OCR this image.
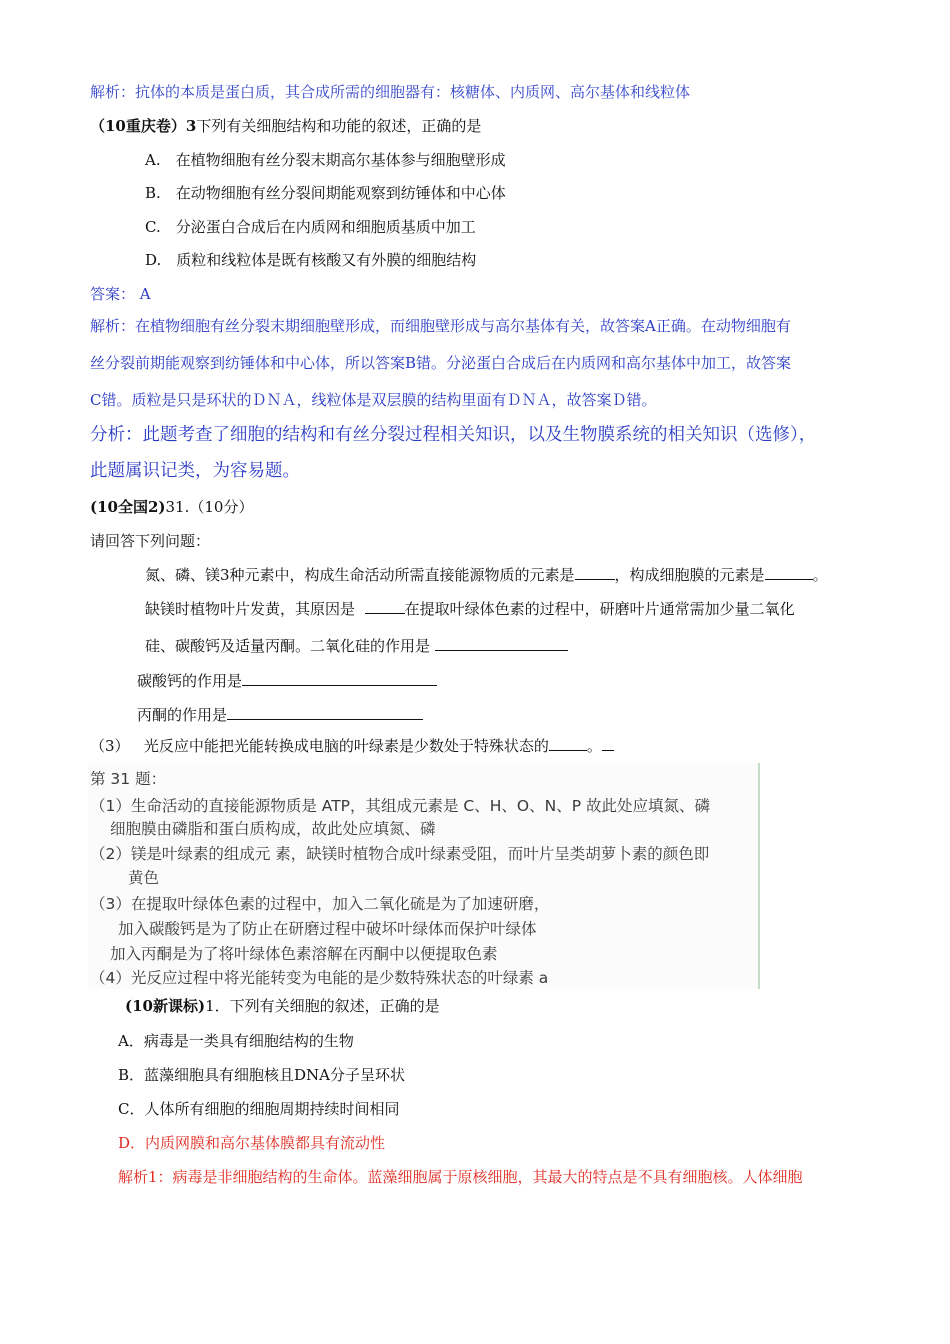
解析：抗体的本质是蛋白质，其合成所需的细胞器有：核糖体、内质网、高尔基体和线粒体
（10重庆卷）3下列有关细胞结构和功能的叙述，正确的是
A.　在植物细胞有丝分裂末期高尔基体参与细胞壁形成
B.　在动物细胞有丝分裂间期能观察到纺锤体和中心体
C.　分泌蛋白合成后在内质网和细胞质基质中加工
D.　质粒和线粒体是既有核酸又有外膜的细胞结构
答案： A
解析：在植物细胞有丝分裂末期细胞壁形成，而细胞壁形成与高尔基体有关，故答案A正确。在动物细胞有
丝分裂前期能观察到纺锤体和中心体，所以答案B错。分泌蛋白合成后在内质网和高尔基体中加工，故答案
C错。质粒是只是环状的ＤＮＡ，线粒体是双层膜的结构里面有ＤＮＡ，故答案Ｄ错。
分析：此题考查了细胞的结构和有丝分裂过程相关知识，以及生物膜系统的相关知识（选修），
此题属识记类，为容易题。
(10全国2)31.（10分）
请回答下列问题：
氮、磷、镁3种元素中，构成生命活动所需直接能源物质的元素是	，构成细胞膜的元素是	。
缺镁时植物叶片发黄，其原因是	在提取叶绿体色素的过程中，研磨叶片通常需加少量二氧化
硅、碳酸钙及适量丙酮。二氧化硅的作用是
碳酸钙的作用是
丙酮的作用是
（3） 光反应中能把光能转换成电脑的叶绿素是少数处于特殊状态的	。
第 31 题：
（1）生命活动的直接能源物质是 ATP，其组成元素是 C、H、O、N、P 故此处应填氮、磷
细胞膜由磷脂和蛋白质构成，故此处应填氮、磷
（2）镁是叶绿素的组成元 素，缺镁时植物合成叶绿素受阻，而叶片呈类胡萝卜素的颜色即
黄色
（3）在提取叶绿体色素的过程中，加入二氧化硫是为了加速研磨，
加入碳酸钙是为了防止在研磨过程中破坏叶绿体而保护叶绿体
加入丙酮是为了将叶绿体色素溶解在丙酮中以便提取色素
（4）光反应过程中将光能转变为电能的是少数特殊状态的叶绿素 a
(10新课标)1．下列有关细胞的叙述，正确的是
A．病毒是一类具有细胞结构的生物
B．蓝藻细胞具有细胞核且DNA分子呈环状
C．人体所有细胞的细胞周期持续时间相同
D．内质网膜和高尔基体膜都具有流动性
解析1：病毒是非细胞结构的生命体。蓝藻细胞属于原核细胞，其最大的特点是不具有细胞核。人体细胞
